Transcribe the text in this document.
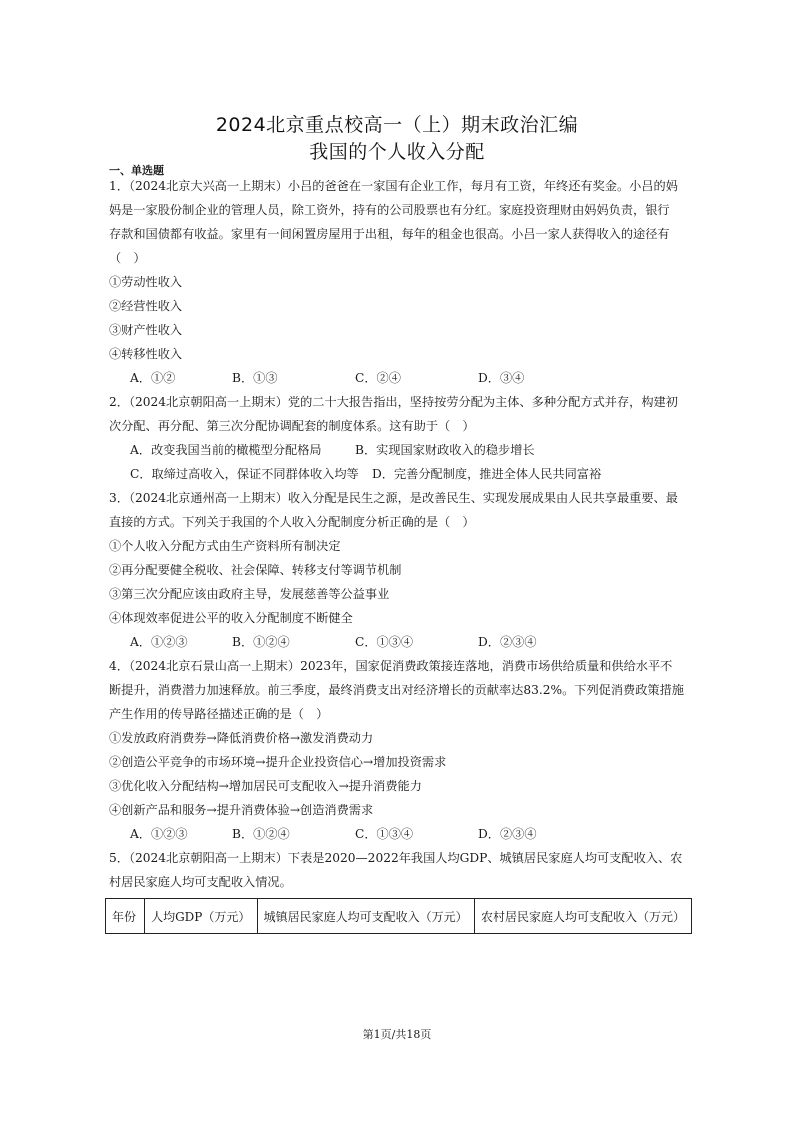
2024北京重点校高一（上）期末政治汇编
我国的个人收入分配
一、单选题
1．（2024北京大兴高一上期末）小吕的爸爸在一家国有企业工作，每月有工资，年终还有奖金。小吕的妈
妈是一家股份制企业的管理人员，除工资外，持有的公司股票也有分红。家庭投资理财由妈妈负责，银行
存款和国债都有收益。家里有一间闲置房屋用于出租，每年的租金也很高。小吕一家人获得收入的途径有
（　）
①劳动性收入
②经营性收入
③财产性收入
④转移性收入
A．①②	B．①③	C．②④	D．③④
2．（2024北京朝阳高一上期末）党的二十大报告指出，坚持按劳分配为主体、多种分配方式并存，构建初
次分配、再分配、第三次分配协调配套的制度体系。这有助于（　）
A．改变我国当前的橄榄型分配格局	B．实现国家财政收入的稳步增长
C．取缔过高收入，保证不同群体收入均等 D．完善分配制度，推进全体人民共同富裕
3．（2024北京通州高一上期末）收入分配是民生之源，是改善民生、实现发展成果由人民共享最重要、最
直接的方式。下列关于我国的个人收入分配制度分析正确的是（　）
①个人收入分配方式由生产资料所有制决定
②再分配要健全税收、社会保障、转移支付等调节机制
③第三次分配应该由政府主导，发展慈善等公益事业
④体现效率促进公平的收入分配制度不断健全
A．①②③	B．①②④	C．①③④	D．②③④
4．（2024北京石景山高一上期末）2023年，国家促消费政策接连落地，消费市场供给质量和供给水平不
断提升，消费潜力加速释放。前三季度，最终消费支出对经济增长的贡献率达83.2%。下列促消费政策措施
产生作用的传导路径描述正确的是（　）
①发放政府消费券→降低消费价格→激发消费动力
②创造公平竞争的市场环境→提升企业投资信心→增加投资需求
③优化收入分配结构→增加居民可支配收入→提升消费能力
④创新产品和服务→提升消费体验→创造消费需求
A．①②③	B．①②④	C．①③④	D．②③④
5．（2024北京朝阳高一上期末）下表是2020—2022年我国人均GDP、城镇居民家庭人均可支配收入、农
村居民家庭人均可支配收入情况。
年份	人均GDP（万元）	城镇居民家庭人均可支配收入（万元）	农村居民家庭人均可支配收入（万元）
第1页/共18页
